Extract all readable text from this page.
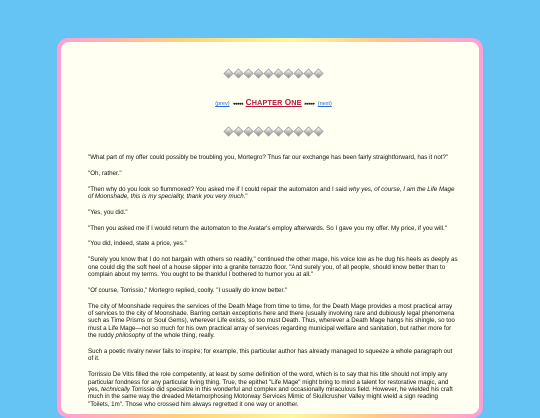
(prev) ◂◂◂◂◂ CHAPTER ONE ▸▸▸▸▸ (next)

"What part of my offer could possibly be troubling you, Mortegro? Thus far our exchange has been fairly straightforward, has it not?"

"Oh, rather."

"Then why do you look so flummoxed? You asked me if I could repair the automaton and I said why yes, of course, I am the Life Mage of Moonshade, this is my speciality, thank you very much."

"Yes, you did."

"Then you asked me if I would return the automaton to the Avatar's employ afterwards. So I gave you my offer. My price, if you will."

"You did, indeed, state a price, yes."

"Surely you know that I do not bargain with others so readily," continued the other mage, his voice low as he dug his heels as deeply as one could dig the soft heel of a house slipper into a granite terrazzo floor. "And surely you, of all people, should know better than to complain about my terms. You ought to be thankful I bothered to humor you at all."

"Of course, Torrissio," Mortegro replied, coolly. "I usually do know better."

The city of Moonshade requires the services of the Death Mage from time to time, for the Death Mage provides a most practical array of services to the city of Moonshade. Barring certain exceptions here and there (usually involving rare and dubiously legal phenomena such as Time Prisms or Soul Gems), wherever Life exists, so too must Death. Thus, wherever a Death Mage hangs his shingle, so too must a Life Mage—not so much for his own practical array of services regarding municipal welfare and sanitation, but rather more for the ruddy philosophy of the whole thing, really.

Such a poetic rivalry never fails to inspire; for example, this particular author has already managed to squeeze a whole paragraph out of it.

Torrissio De Vitis filled the role competently, at least by some definition of the word, which is to say that his title should not imply any particular fondness for any particular living thing. True, the epithet "Life Mage" might bring to mind a talent for restorative magic, and yes, technically Torrissio did specialize in this wonderful and complex and occasionally miraculous field. However, he wielded his craft much in the same way the dreaded Metamorphosing Motorway Services Mimic of Skullcrusher Valley might wield a sign reading "Toilets, 1m". Those who crossed him always regretted it one way or another.
